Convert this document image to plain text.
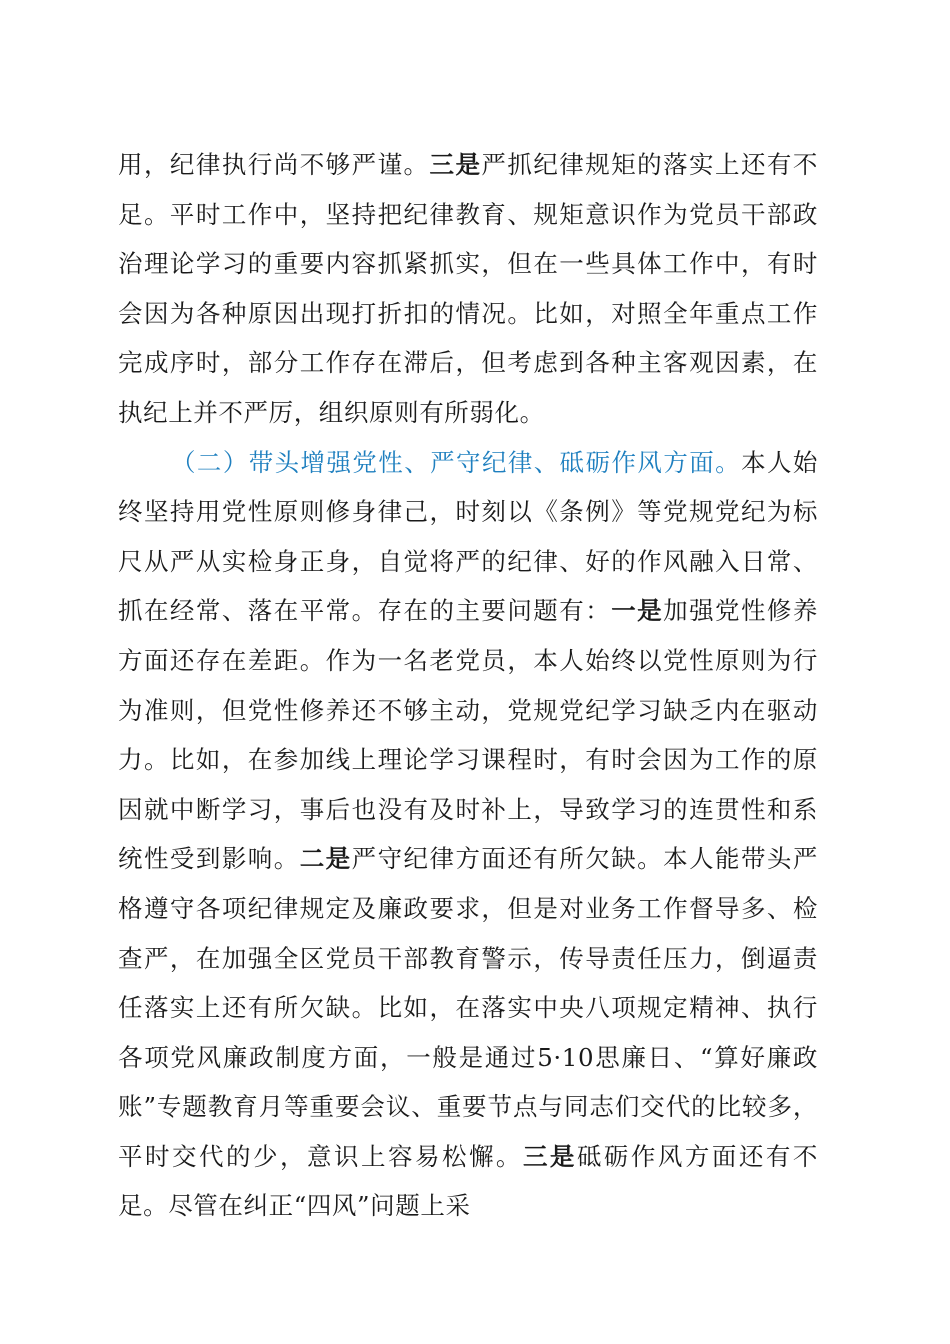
用，纪律执行尚不够严谨。三是严抓纪律规矩的落实上还有不足。平时工作中，坚持把纪律教育、规矩意识作为党员干部政治理论学习的重要内容抓紧抓实，但在一些具体工作中，有时会因为各种原因出现打折扣的情况。比如，对照全年重点工作完成序时，部分工作存在滞后，但考虑到各种主客观因素，在执纪上并不严厉，组织原则有所弱化。

（二）带头增强党性、严守纪律、砥砺作风方面。本人始终坚持用党性原则修身律己，时刻以《条例》等党规党纪为标尺从严从实检身正身，自觉将严的纪律、好的作风融入日常、抓在经常、落在平常。存在的主要问题有：一是加强党性修养方面还存在差距。作为一名老党员，本人始终以党性原则为行为准则，但党性修养还不够主动，党规党纪学习缺乏内在驱动力。比如，在参加线上理论学习课程时，有时会因为工作的原因就中断学习，事后也没有及时补上，导致学习的连贯性和系统性受到影响。二是严守纪律方面还有所欠缺。本人能带头严格遵守各项纪律规定及廉政要求，但是对业务工作督导多、检查严，在加强全区党员干部教育警示，传导责任压力，倒逼责任落实上还有所欠缺。比如，在落实中央八项规定精神、执行各项党风廉政制度方面，一般是通过5·10思廉日、“算好廉政账”专题教育月等重要会议、重要节点与同志们交代的比较多，平时交代的少，意识上容易松懈。三是砥砺作风方面还有不足。尽管在纠正“四风”问题上采
